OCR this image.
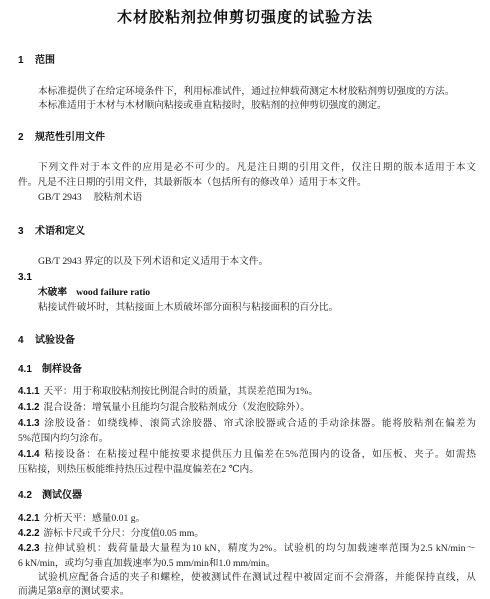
木材胶粘剂拉伸剪切强度的试验方法
1 范围
本标准提供了在给定环境条件下，利用标准试件，通过拉伸载荷测定木材胶粘剂剪切强度的方法。
本标准适用于木材与木材顺向粘接或垂直粘接时，胶粘剂的拉伸剪切强度的测定。
2 规范性引用文件
下列文件对于本文件的应用是必不可少的。凡是注日期的引用文件，仅注日期的版本适用于本文
件。凡是不注日期的引用文件，其最新版本（包括所有的修改单）适用于本文件。
GB/T 2943 胶粘剂术语
3 术语和定义
GB/T 2943 界定的以及下列术语和定义适用于本文件。
3.1
木破率 wood failure ratio
粘接试件破坏时，其粘接面上木质破坏部分面积与粘接面积的百分比。
4 试验设备
4.1 制样设备
4.1.1 天平：用于称取胶粘剂按比例混合时的质量，其误差范围为1%。
4.1.2 混合设备：增氧量小且能均匀混合胶粘剂成分（发泡胶除外）。
4.1.3 涂胶设备：如绕线棒、滚筒式涂胶器、帘式涂胶器或合适的手动涂抹器。能将胶粘剂在偏差为
5%范围内均匀涂布。
4.1.4 粘接设备：在粘接过程中能按要求提供压力且偏差在5%范围内的设备，如压板、夹子。如需热
压粘接，则热压板能维持热压过程中温度偏差在2 ℃内。
4.2 测试仪器
4.2.1 分析天平：感量0.01 g。
4.2.2 游标卡尺或千分尺：分度值0.05 mm。
4.2.3 拉伸试验机：载荷量最大量程为10 kN，精度为2%。试验机的均匀加载速率范围为2.5 kN/min～
6 kN/min，或均匀垂直加载速率为0.5 mm/min和1.0 mm/min。
试验机应配备合适的夹子和螺栓，使被测试件在测试过程中被固定而不会滑落，并能保持直线，从
而满足第8章的测试要求。
